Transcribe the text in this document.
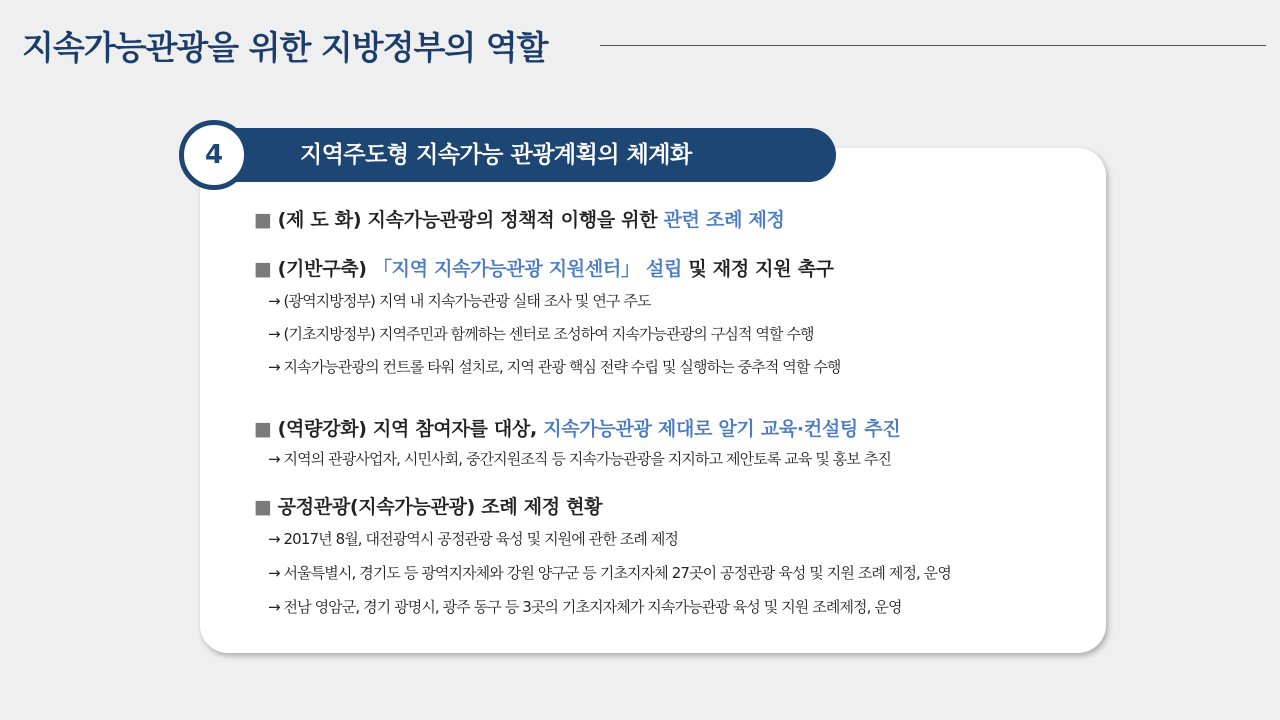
지속가능관광을 위한 지방정부의 역할
지역주도형 지속가능 관광계획의 체계화
4
■ (제 도 화) 지속가능관광의 정책적 이행을 위한 관련 조례 제정
■ (기반구축) 「지역 지속가능관광 지원센터」 설립 및 재정 지원 촉구
→ (광역지방정부) 지역 내 지속가능관광 실태 조사 및 연구 주도
→ (기초지방정부) 지역주민과 함께하는 센터로 조성하여 지속가능관광의 구심적 역할 수행
→ 지속가능관광의 컨트롤 타워 설치로, 지역 관광 핵심 전략 수립 및 실행하는 중추적 역할 수행
■ (역량강화) 지역 참여자를 대상, 지속가능관광 제대로 알기 교육·컨설팅 추진
→ 지역의 관광사업자, 시민사회, 중간지원조직 등 지속가능관광을 지지하고 제안토록 교육 및 홍보 추진
■ 공정관광(지속가능관광) 조례 제정 현황
→ 2017년 8월, 대전광역시 공정관광 육성 및 지원에 관한 조례 제정
→ 서울특별시, 경기도 등 광역지자체와 강원 양구군 등 기초지자체 27곳이 공정관광 육성 및 지원 조례 제정, 운영
→ 전남 영암군, 경기 광명시, 광주 동구 등 3곳의 기초지자체가 지속가능관광 육성 및 지원 조례제정, 운영
